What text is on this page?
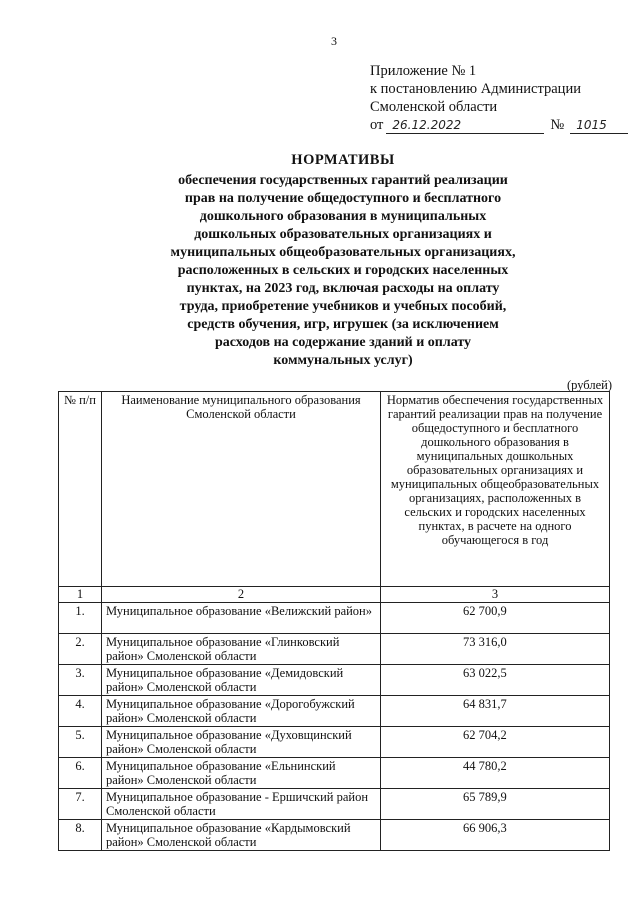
3
Приложение № 1
к постановлению Администрации
Смоленской области
от 26.12.2022	№	1015
НОРМАТИВЫ
обеспечения государственных гарантий реализации
прав на получение общедоступного и бесплатного
дошкольного образования в муниципальных
дошкольных образовательных организациях и
муниципальных общеобразовательных организациях,
расположенных в сельских и городских населенных
пунктах, на 2023 год, включая расходы на оплату
труда, приобретение учебников и учебных пособий,
средств обучения, игр, игрушек (за исключением
расходов на содержание зданий и оплату
коммунальных услуг)
(рублей)
№ п/п	Наименование муниципального образования Смоленской области	Норматив обеспечения государственных гарантий реализации прав на получение общедоступного и бесплатного дошкольного образования в муниципальных дошкольных образовательных организациях и муниципальных общеобразовательных организациях, расположенных в сельских и городских населенных пунктах, в расчете на одного обучающегося в год
1	2	3
1.	Муниципальное образование «Велижский район»	62 700,9
2.	Муниципальное образование «Глинковский район» Смоленской области	73 316,0
3.	Муниципальное образование «Демидовский район» Смоленской области	63 022,5
4.	Муниципальное образование «Дорогобужский район» Смоленской области	64 831,7
5.	Муниципальное образование «Духовщинский район» Смоленской области	62 704,2
6.	Муниципальное образование «Ельнинский район» Смоленской области	44 780,2
7.	Муниципальное образование - Ершичский район Смоленской области	65 789,9
8.	Муниципальное образование «Кардымовский район» Смоленской области	66 906,3
